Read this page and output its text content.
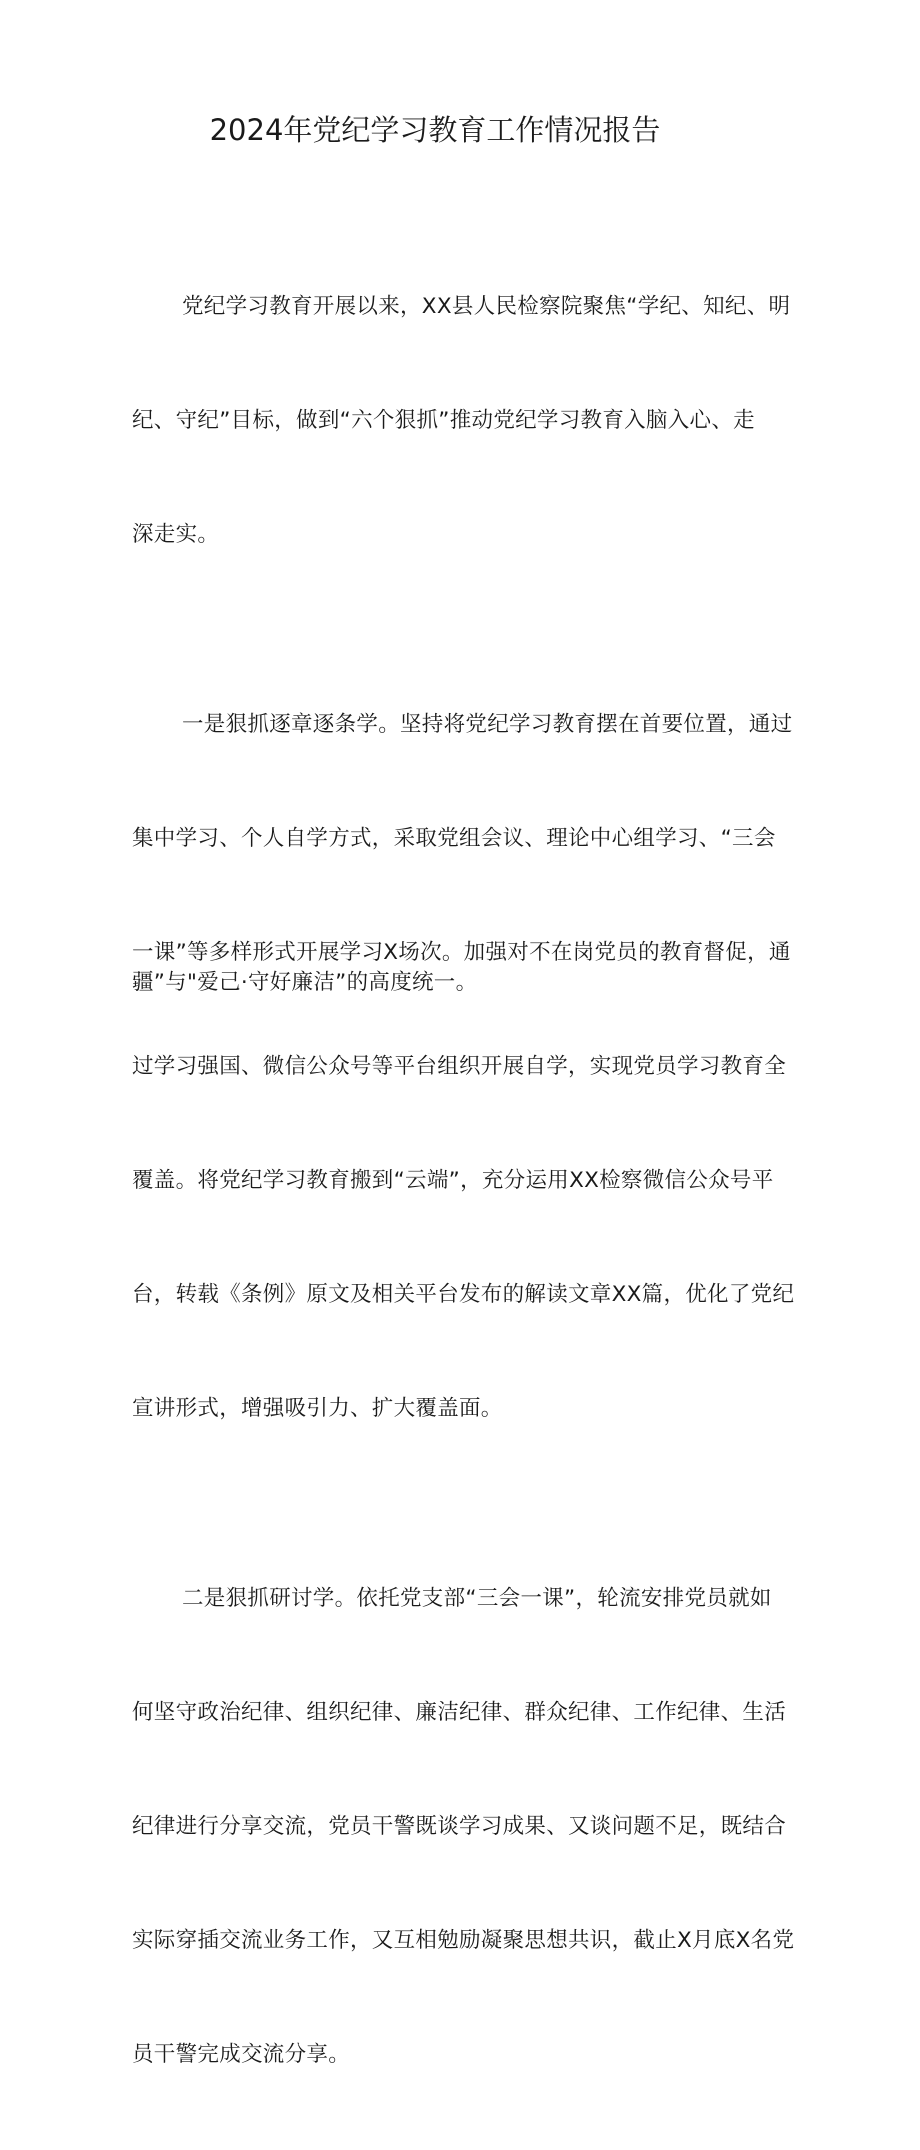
2024年党纪学习教育工作情况报告

党纪学习教育开展以来，XX县人民检察院聚焦“学纪、知纪、明

纪、守纪”目标，做到“六个狠抓”推动党纪学习教育入脑入心、走

深走实。

一是狠抓逐章逐条学。坚持将党纪学习教育摆在首要位置，通过

集中学习、个人自学方式，采取党组会议、理论中心组学习、“三会

一课”等多样形式开展学习X场次。加强对不在岗党员的教育督促，通

过学习强国、微信公众号等平台组织开展自学，实现党员学习教育全

覆盖。将党纪学习教育搬到“云端”，充分运用XX检察微信公众号平

台，转载《条例》原文及相关平台发布的解读文章XX篇，优化了党纪

宣讲形式，增强吸引力、扩大覆盖面。

二是狠抓研讨学。依托党支部“三会一课”，轮流安排党员就如

何坚守政治纪律、组织纪律、廉洁纪律、群众纪律、工作纪律、生活

纪律进行分享交流，党员干警既谈学习成果、又谈问题不足，既结合

实际穿插交流业务工作，又互相勉励凝聚思想共识，截止X月底X名党

员干警完成交流分享。

疆”与"爱己·守好廉洁”的高度统一。
